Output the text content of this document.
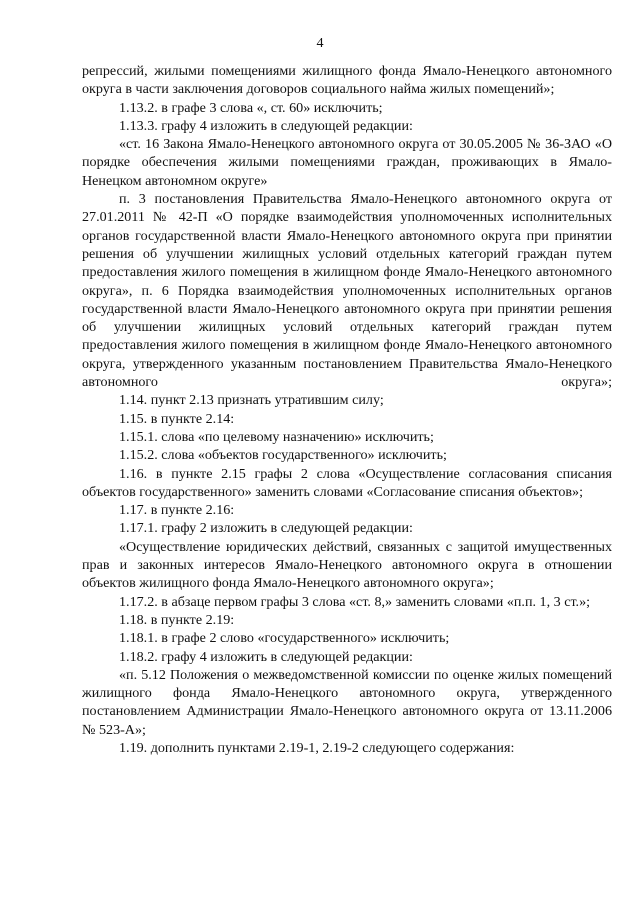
4

репрессий, жилыми помещениями жилищного фонда Ямало-Ненецкого автономного округа в части заключения договоров социального найма жилых помещений»;

1.13.2. в графе 3 слова «, ст. 60» исключить;

1.13.3. графу 4 изложить в следующей редакции:

«ст. 16 Закона Ямало-Ненецкого автономного округа от 30.05.2005 № 36-ЗАО «О порядке обеспечения жилыми помещениями граждан, проживающих в Ямало-Ненецком автономном округе»

п. 3 постановления Правительства Ямало-Ненецкого автономного округа от 27.01.2011 № 42-П «О порядке взаимодействия уполномоченных исполнительных органов государственной власти Ямало-Ненецкого автономного округа при принятии решения об улучшении жилищных условий отдельных категорий граждан путем предоставления жилого помещения в жилищном фонде Ямало-Ненецкого автономного округа», п. 6 Порядка взаимодействия уполномоченных исполнительных органов государственной власти Ямало-Ненецкого автономного округа при принятии решения об улучшении жилищных условий отдельных категорий граждан путем предоставления жилого помещения в жилищном фонде Ямало-Ненецкого автономного округа, утвержденного указанным постановлением Правительства Ямало-Ненецкого автономного округа»;

1.14. пункт 2.13 признать утратившим силу;

1.15. в пункте 2.14:

1.15.1. слова «по целевому назначению» исключить;

1.15.2. слова «объектов государственного» исключить;

1.16. в пункте 2.15 графы 2 слова «Осуществление согласования списания объектов государственного» заменить словами «Согласование списания объектов»;

1.17. в пункте 2.16:

1.17.1. графу 2 изложить в следующей редакции:

«Осуществление юридических действий, связанных с защитой имущественных прав и законных интересов Ямало-Ненецкого автономного округа в отношении объектов жилищного фонда Ямало-Ненецкого автономного округа»;

1.17.2. в абзаце первом графы 3 слова «ст. 8,» заменить словами «п.п. 1, 3 ст.»;

1.18. в пункте 2.19:

1.18.1. в графе 2 слово «государственного» исключить;

1.18.2. графу 4 изложить в следующей редакции:

«п. 5.12 Положения о межведомственной комиссии по оценке жилых помещений жилищного фонда Ямало-Ненецкого автономного округа, утвержденного постановлением Администрации Ямало-Ненецкого автономного округа от 13.11.2006 № 523-А»;

1.19. дополнить пунктами 2.19-1, 2.19-2 следующего содержания:
